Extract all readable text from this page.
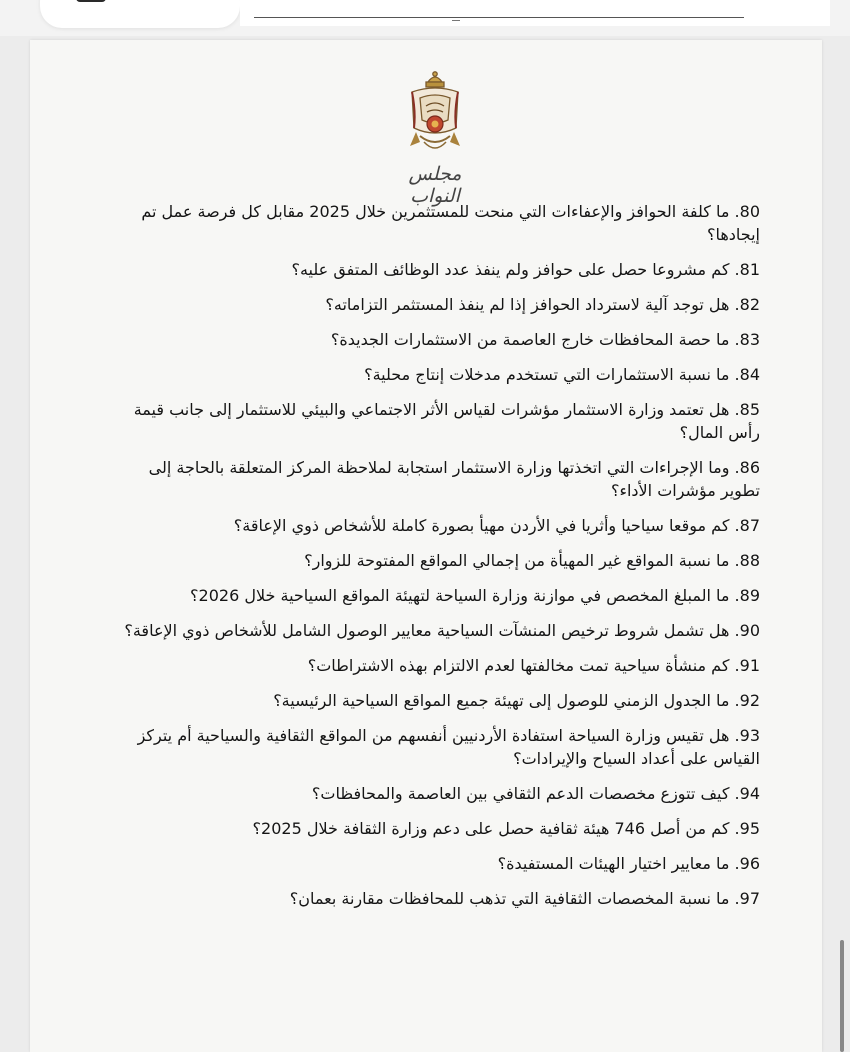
مجلس النواب
80. ما كلفة الحوافز والإعفاءات التي منحت للمستثمرين خلال 2025 مقابل كل فرصة عمل تم إيجادها؟
81. كم مشروعا حصل على حوافز ولم ينفذ عدد الوظائف المتفق عليه؟
82. هل توجد آلية لاسترداد الحوافز إذا لم ينفذ المستثمر التزاماته؟
83. ما حصة المحافظات خارج العاصمة من الاستثمارات الجديدة؟
84. ما نسبة الاستثمارات التي تستخدم مدخلات إنتاج محلية؟
85. هل تعتمد وزارة الاستثمار مؤشرات لقياس الأثر الاجتماعي والبيئي للاستثمار إلى جانب قيمة رأس المال؟
86. وما الإجراءات التي اتخذتها وزارة الاستثمار استجابة لملاحظة المركز المتعلقة بالحاجة إلى تطوير مؤشرات الأداء؟
87. كم موقعا سياحيا وأثريا في الأردن مهيأ بصورة كاملة للأشخاص ذوي الإعاقة؟
88. ما نسبة المواقع غير المهيأة من إجمالي المواقع المفتوحة للزوار؟
89. ما المبلغ المخصص في موازنة وزارة السياحة لتهيئة المواقع السياحية خلال 2026؟
90. هل تشمل شروط ترخيص المنشآت السياحية معايير الوصول الشامل للأشخاص ذوي الإعاقة؟
91. كم منشأة سياحية تمت مخالفتها لعدم الالتزام بهذه الاشتراطات؟
92. ما الجدول الزمني للوصول إلى تهيئة جميع المواقع السياحية الرئيسية؟
93. هل تقيس وزارة السياحة استفادة الأردنيين أنفسهم من المواقع الثقافية والسياحية أم يتركز القياس على أعداد السياح والإيرادات؟
94. كيف تتوزع مخصصات الدعم الثقافي بين العاصمة والمحافظات؟
95. كم من أصل 746 هيئة ثقافية حصل على دعم وزارة الثقافة خلال 2025؟
96. ما معايير اختيار الهيئات المستفيدة؟
97. ما نسبة المخصصات الثقافية التي تذهب للمحافظات مقارنة بعمان؟
